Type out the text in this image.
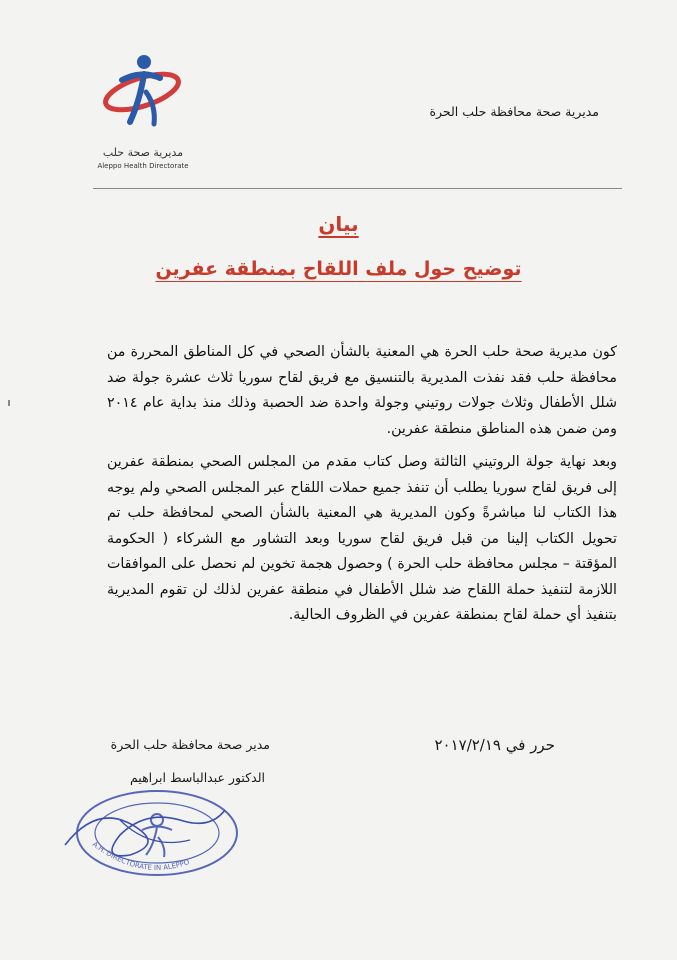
مديرية صحة حلب
Aleppo Health Directorate
مديرية صحة محافظة حلب الحرة
بيان
توضيح حول ملف اللقاح بمنطقة عفرين
كون مديرية صحة حلب الحرة هي المعنية بالشأن الصحي في كل المناطق المحررة من محافظة حلب فقد نفذت المديرية بالتنسيق مع فريق لقاح سوريا ثلاث عشرة جولة ضد شلل الأطفال وثلاث جولات روتيني وجولة واحدة ضد الحصبة وذلك منذ بداية عام ٢٠١٤ ومن ضمن هذه المناطق منطقة عفرين.
وبعد نهاية جولة الروتيني الثالثة وصل كتاب مقدم من المجلس الصحي بمنطقة عفرين إلى فريق لقاح سوريا يطلب أن تنفذ جميع حملات اللقاح عبر المجلس الصحي ولم يوجه هذا الكتاب لنا مباشرةً وكون المديرية هي المعنية بالشأن الصحي لمحافظة حلب تم تحويل الكتاب إلينا من قبل فريق لقاح سوريا وبعد التشاور مع الشركاء ( الحكومة المؤقتة – مجلس محافظة حلب الحرة ) وحصول هجمة تخوين لم نحصل على الموافقات اللازمة لتنفيذ حملة اللقاح ضد شلل الأطفال في منطقة عفرين لذلك لن تقوم المديرية بتنفيذ أي حملة لقاح بمنطقة عفرين في الظروف الحالية.
حرر في ٢٠١٧/٢/١٩
مدير صحة محافظة حلب الحرة
الدكتور عبدالباسط ابراهيم
A.H. DIRECTORATE IN ALEPPO
